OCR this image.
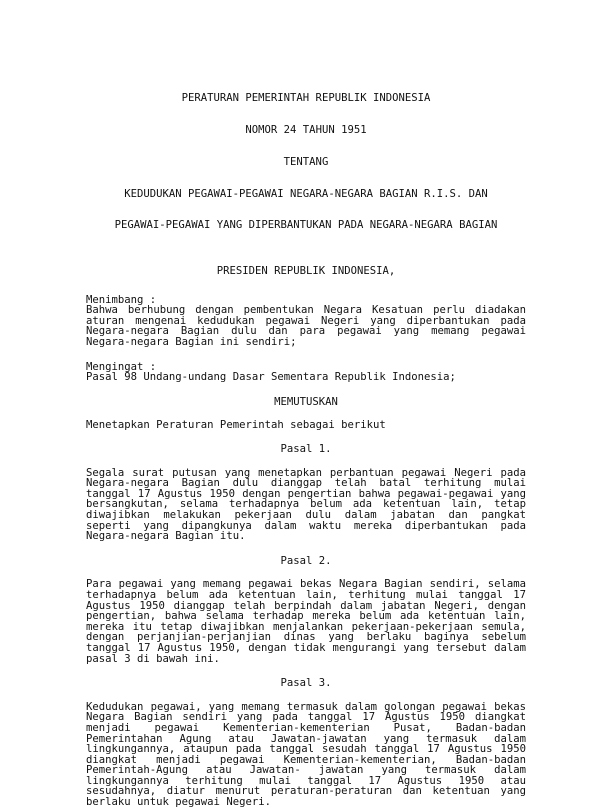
PERATURAN PEMERINTAH REPUBLIK INDONESIA

NOMOR 24 TAHUN 1951

TENTANG

KEDUDUKAN PEGAWAI-PEGAWAI NEGARA-NEGARA BAGIAN R.I.S. DAN

PEGAWAI-PEGAWAI YANG DIPERBANTUKAN PADA NEGARA-NEGARA BAGIAN

PRESIDEN REPUBLIK INDONESIA,
Menimbang :
Bahwa berhubung dengan pembentukan Negara Kesatuan perlu diadakan aturan mengenai kedudukan pegawai Negeri yang diperbantukan pada Negara-negara Bagian dulu dan para pegawai yang memang pegawai Negara-negara Bagian ini sendiri;
Mengingat :
Pasal 98 Undang-undang Dasar Sementara Republik Indonesia;
MEMUTUSKAN
Menetapkan Peraturan Pemerintah sebagai berikut
Pasal 1.
Segala surat putusan yang menetapkan perbantuan pegawai Negeri pada Negara-negara Bagian dulu dianggap telah batal terhitung mulai tanggal 17 Agustus 1950 dengan pengertian bahwa pegawai-pegawai yang bersangkutan, selama terhadapnya belum ada ketentuan lain, tetap diwajibkan melakukan pekerjaan dulu dalam jabatan dan pangkat seperti yang dipangkunya dalam waktu mereka diperbantukan pada Negara-negara Bagian itu.
Pasal 2.
Para pegawai yang memang pegawai bekas Negara Bagian sendiri, selama terhadapnya belum ada ketentuan lain, terhitung mulai tanggal 17 Agustus 1950 dianggap telah berpindah dalam jabatan Negeri, dengan pengertian, bahwa selama terhadap mereka belum ada ketentuan lain, mereka itu tetap diwajibkan menjalankan pekerjaan-pekerjaan semula, dengan perjanjian-perjanjian dinas yang berlaku baginya sebelum tanggal 17 Agustus 1950, dengan tidak mengurangi yang tersebut dalam pasal 3 di bawah ini.
Pasal 3.
Kedudukan pegawai, yang memang termasuk dalam golongan pegawai bekas Negara Bagian sendiri yang pada tanggal 17 Agustus 1950 diangkat menjadi pegawai Kementerian-kementerian Pusat, Badan-badan Pemerintahan Agung atau Jawatan-jawatan yang termasuk dalam lingkungannya, ataupun pada tanggal sesudah tanggal 17 Agustus 1950 diangkat menjadi pegawai Kementerian-kementerian, Badan-badan Pemerintah-Agung atau Jawatan- jawatan yang termasuk dalam lingkungannya terhitung mulai tanggal 17 Agustus 1950 atau sesudahnya, diatur menurut peraturan-peraturan dan ketentuan yang berlaku untuk pegawai Negeri.
